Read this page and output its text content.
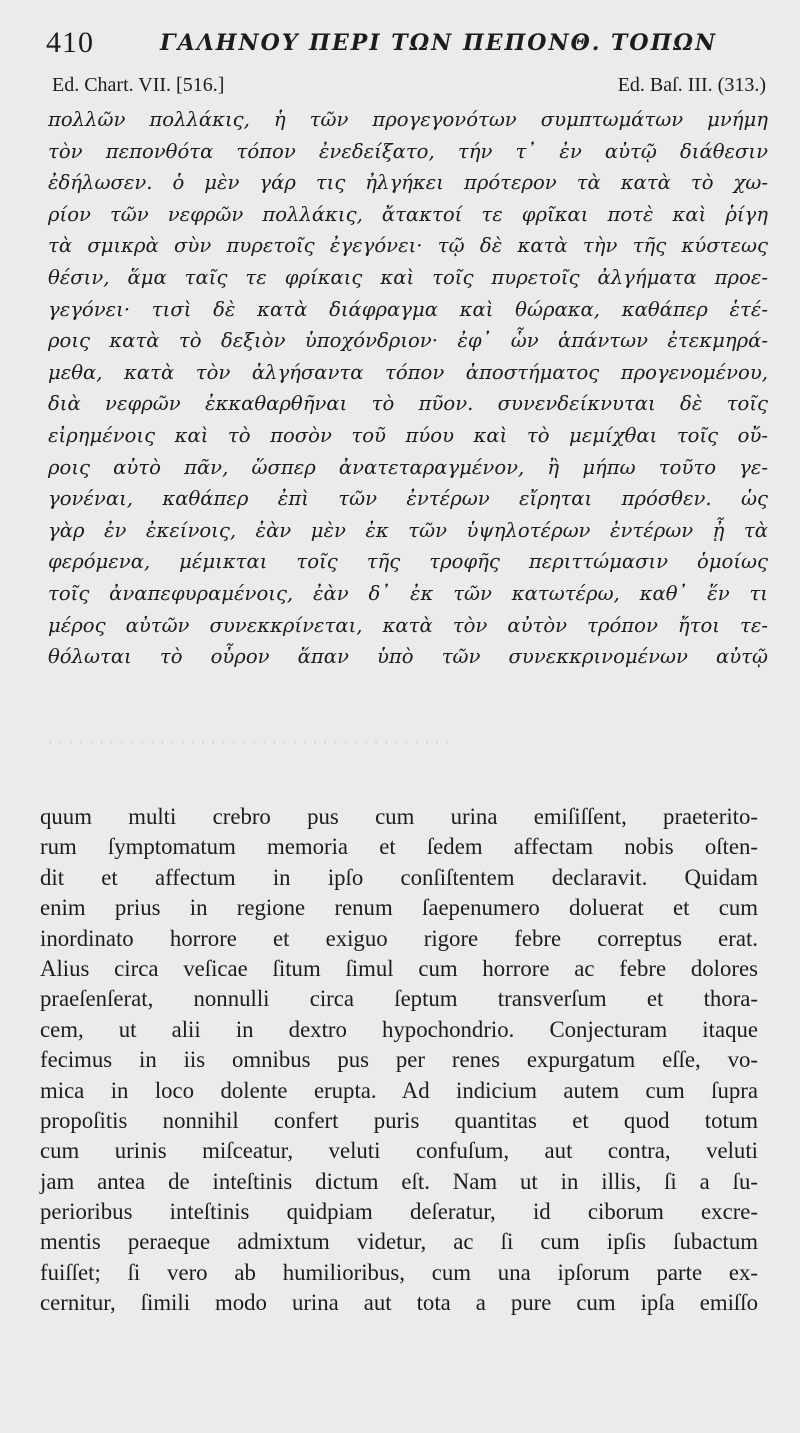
410	ΓΑΛΗΝΟΥ ΠΕΡΙ ΤΩΝ ΠΕΠΟΝΘ. ΤΟΠΩΝ
Ed. Chart. VII. [516.]	Ed. Baſ. III. (313.)
πολλῶν πολλάκις, ἡ τῶν προγεγονότων συμπτωμάτων μνήμη
τὸν πεπονθότα τόπον ἐνεδείξατο, τήν τ᾽ ἐν αὐτῷ διάθεσιν
ἐδήλωσεν. ὁ μὲν γάρ τις ἠλγήκει πρότερον τὰ κατὰ τὸ χω-
ρίον τῶν νεφρῶν πολλάκις, ἄτακτοί τε φρῖκαι ποτὲ καὶ ῥίγη
τὰ σμικρὰ σὺν πυρετοῖς ἐγεγόνει· τῷ δὲ κατὰ τὴν τῆς κύστεως
θέσιν, ἅμα ταῖς τε φρίκαις καὶ τοῖς πυρετοῖς ἀλγήματα προε-
γεγόνει· τισὶ δὲ κατὰ διάφραγμα καὶ θώρακα, καθάπερ ἑτέ-
ροις κατὰ τὸ δεξιὸν ὑποχόνδριον· ἐφ᾽ ὧν ἁπάντων ἐτεκμηρά-
μεθα, κατὰ τὸν ἀλγήσαντα τόπον ἀποστήματος προγενομένου,
διὰ νεφρῶν ἐκκαθαρθῆναι τὸ πῦον. συνενδείκνυται δὲ τοῖς
εἰρημένοις καὶ τὸ ποσὸν τοῦ πύου καὶ τὸ μεμίχθαι τοῖς οὔ-
ροις αὐτὸ πᾶν, ὥσπερ ἀνατεταραγμένον, ἢ μήπω τοῦτο γε-
γονέναι, καθάπερ ἐπὶ τῶν ἐντέρων εἴρηται πρόσθεν. ὡς
γὰρ ἐν ἐκείνοις, ἐὰν μὲν ἐκ τῶν ὑψηλοτέρων ἐντέρων ᾖ τὰ
φερόμενα, μέμικται τοῖς τῆς τροφῆς περιττώμασιν ὁμοίως
τοῖς ἀναπεφυραμένοις, ἐὰν δ᾽ ἐκ τῶν κατωτέρω, καθ᾽ ἕν τι
μέρος αὐτῶν συνεκκρίνεται, κατὰ τὸν αὐτὸν τρόπον ἤτοι τε-
θόλωται τὸ οὖρον ἅπαν ὑπὸ τῶν συνεκκρινομένων αὐτῷ
· · · · · · · · · · · · · · · · · · · · · · · · · · · · · · · · · · · · · · · ·
quum multi crebro pus cum urina emiſiſſent, praeterito-
rum ſymptomatum memoria et ſedem affectam nobis oſten-
dit et affectum in ipſo conſiſtentem declaravit. Quidam
enim prius in regione renum ſaepenumero doluerat et cum
inordinato horrore et exiguo rigore febre correptus erat.
Alius circa veſicae ſitum ſimul cum horrore ac febre dolores
praeſenſerat, nonnulli circa ſeptum transverſum et thora-
cem, ut alii in dextro hypochondrio. Conjecturam itaque
fecimus in iis omnibus pus per renes expurgatum eſſe, vo-
mica in loco dolente erupta. Ad indicium autem cum ſupra
propoſitis nonnihil confert puris quantitas et quod totum
cum urinis miſceatur, veluti confuſum, aut contra, veluti
jam antea de inteſtinis dictum eſt. Nam ut in illis, ſi a ſu-
perioribus inteſtinis quidpiam deſeratur, id ciborum excre-
mentis peraeque admixtum videtur, ac ſi cum ipſis ſubactum
fuiſſet; ſi vero ab humilioribus, cum una ipſorum parte ex-
cernitur, ſimili modo urina aut tota a pure cum ipſa emiſſo
